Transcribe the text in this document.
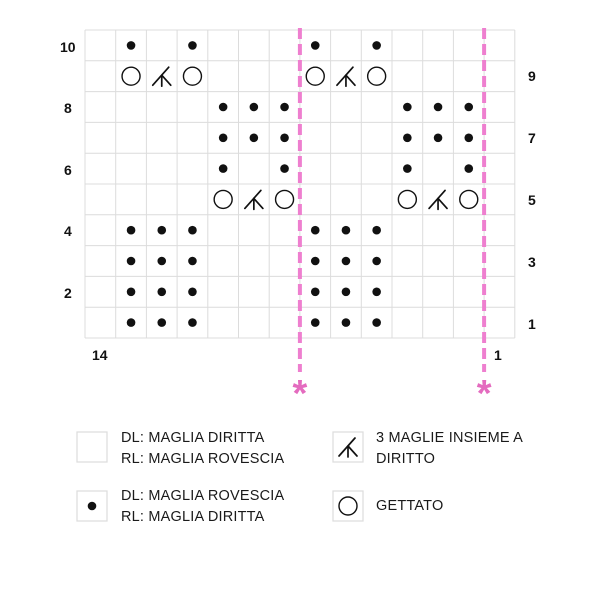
*	*
10
8
6
4
2
9
7
5
3
1
14	1
DL: MAGLIA DIRITTA
RL: MAGLIA ROVESCIA
DL: MAGLIA ROVESCIA
RL: MAGLIA DIRITTA
3 MAGLIE INSIEME A
DIRITTO
GETTATO
